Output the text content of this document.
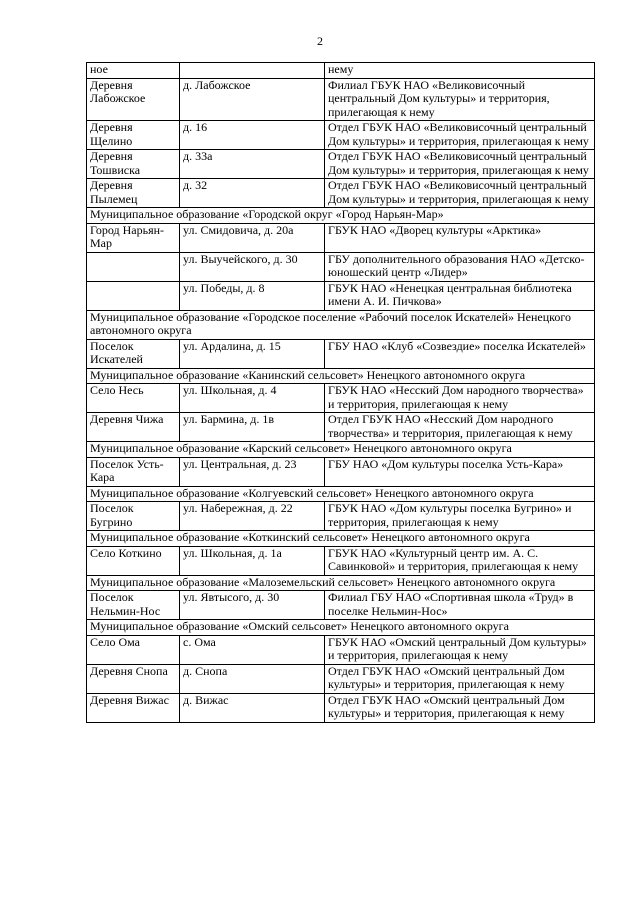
2
ное		нему
Деревня Лабожское	д. Лабожское	Филиал ГБУК НАО «Великовисочный центральный Дом культуры» и территория, прилегающая к нему
Деревня Щелино	д. 16	Отдел ГБУК НАО «Великовисочный центральный Дом культуры» и территория, прилегающая к нему
Деревня Тошвиска	д. 33а	Отдел ГБУК НАО «Великовисочный центральный Дом культуры» и территория, прилегающая к нему
Деревня Пылемец	д. 32	Отдел ГБУК НАО «Великовисочный центральный Дом культуры» и территория, прилегающая к нему
Муниципальное образование «Городской округ «Город Нарьян-Мар»		
Город Нарьян-Мар	ул. Смидовича, д. 20а	ГБУК НАО «Дворец культуры «Арктика»
	ул. Выучейского, д. 30	ГБУ дополнительного образования НАО «Детско-юношеский центр «Лидер»
	ул. Победы, д. 8	ГБУК НАО «Ненецкая центральная библиотека имени А. И. Пичкова»
Муниципальное образование «Городское поселение «Рабочий поселок Искателей» Ненецкого автономного округа		
Поселок Искателей	ул. Ардалина, д. 15	ГБУ НАО «Клуб «Созвездие» поселка Искателей»
Муниципальное образование «Канинский сельсовет» Ненецкого автономного округа		
Село Несь	ул. Школьная, д. 4	ГБУК НАО «Несский Дом народного творчества» и территория, прилегающая к нему
Деревня Чижа	ул. Бармина, д. 1в	Отдел ГБУК НАО «Несский Дом народного творчества» и территория, прилегающая к нему
Муниципальное образование «Карский сельсовет» Ненецкого автономного округа		
Поселок Усть-Кара	ул. Центральная, д. 23	ГБУ НАО «Дом культуры поселка Усть-Кара»
Муниципальное образование «Колгуевский сельсовет» Ненецкого автономного округа		
Поселок Бугрино	ул. Набережная, д. 22	ГБУК НАО «Дом культуры поселка Бугрино» и территория, прилегающая к нему
Муниципальное образование «Коткинский сельсовет» Ненецкого автономного округа		
Село Коткино	ул. Школьная, д. 1а	ГБУК НАО «Культурный центр им. А. С. Савинковой» и территория, прилегающая к нему
Муниципальное образование «Малоземельский сельсовет» Ненецкого автономного округа		
Поселок Нельмин-Нос	ул. Явтысого, д. 30	Филиал ГБУ НАО «Спортивная школа «Труд» в поселке Нельмин-Нос»
Муниципальное образование «Омский сельсовет» Ненецкого автономного округа		
Село Ома	с. Ома	ГБУК НАО «Омский центральный Дом культуры» и территория, прилегающая к нему
Деревня Снопа	д. Снопа	Отдел ГБУК НАО «Омский центральный Дом культуры» и территория, прилегающая к нему
Деревня Вижас	д. Вижас	Отдел ГБУК НАО «Омский центральный Дом культуры» и территория, прилегающая к нему
